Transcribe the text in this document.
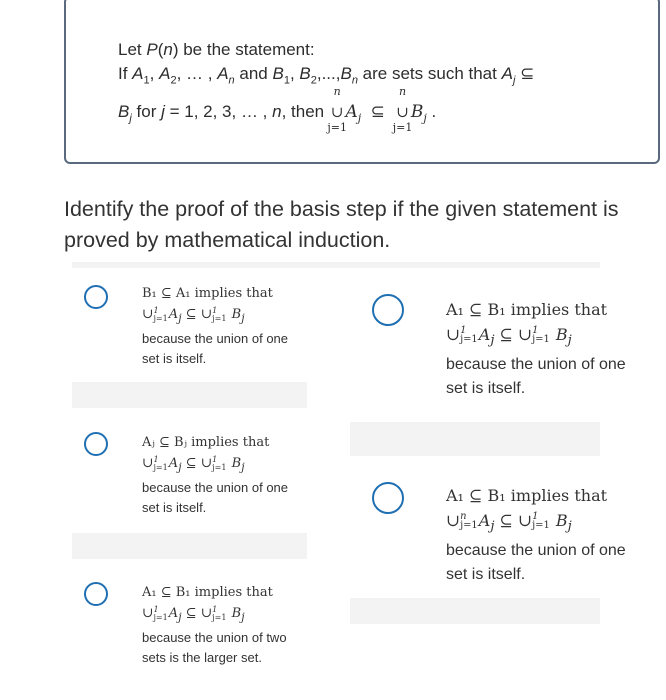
Let P(n) be the statement:
If $A_1$, $A_2$, … , $A_n$ and $B_1$, $B_2,...,B_n$ are sets such that $A_j$ ⊆
$B_j$ for j = 1, 2, 3, … , n, then
n
∪
j=1
$A_j$  ⊆
n
∪
j=1
$B_j$ .
Identify the proof of the basis step if the given statement is proved by mathematical induction.
B₁ ⊆ A₁ implies that
∪ 1
j=1 $A_j$ ⊆ ∪ 1
j=1 $B_j$
because the union of one
set is itself.
A₁ ⊆ B₁ implies that
∪ 1
j=1 $A_j$ ⊆ ∪ 1
j=1 $B_j$
because the union of one
set is itself.
Aⱼ ⊆ Bⱼ implies that
∪ 1
j=1 $A_j$ ⊆ ∪ 1
j=1 $B_j$
because the union of one
set is itself.
A₁ ⊆ B₁ implies that
∪ n
j=1 $A_j$ ⊆ ∪ 1
j=1 $B_j$
because the union of one
set is itself.
A₁ ⊆ B₁ implies that
∪ 1
j=1 $A_j$ ⊆ ∪ 1
j=1 $B_j$
because the union of two
sets is the larger set.
